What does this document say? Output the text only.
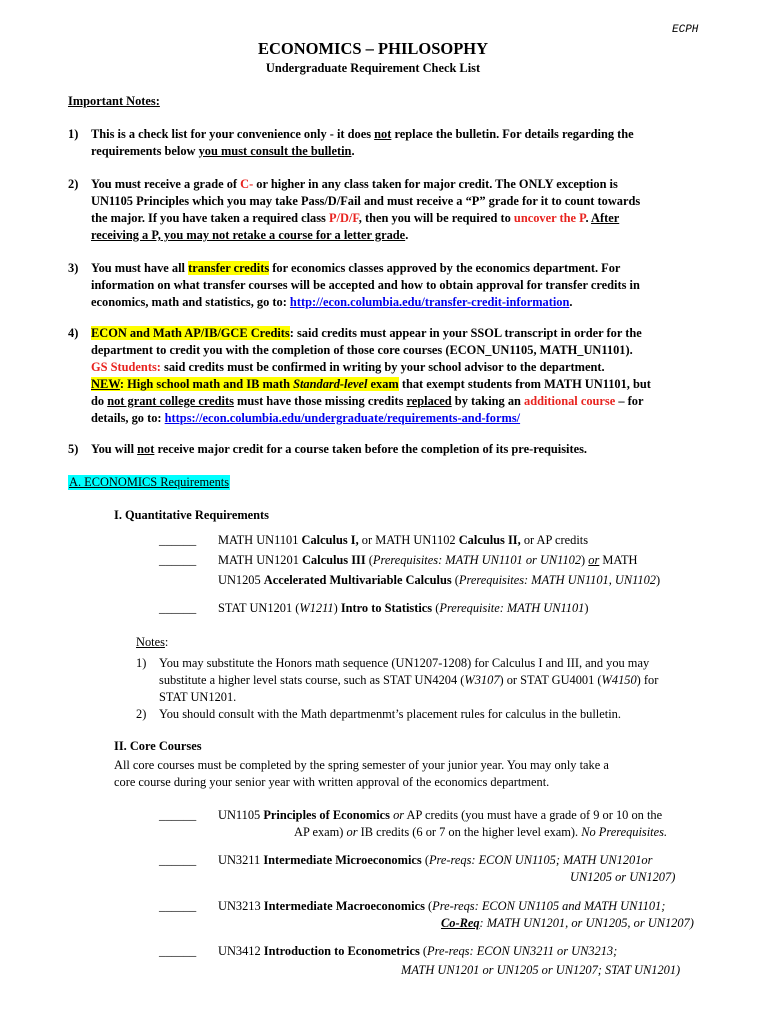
ECPH
ECONOMICS – PHILOSOPHY
Undergraduate Requirement Check List
Important Notes:
1) This is a check list for your convenience only - it does not replace the bulletin. For details regarding the
requirements below you must consult the bulletin.
2) You must receive a grade of C- or higher in any class taken for major credit. The ONLY exception is
UN1105 Principles which you may take Pass/D/Fail and must receive a “P” grade for it to count towards
the major. If you have taken a required class P/D/F, then you will be required to uncover the P. After
receiving a P, you may not retake a course for a letter grade.
3) You must have all transfer credits for economics classes approved by the economics department. For
information on what transfer courses will be accepted and how to obtain approval for transfer credits in
economics, math and statistics, go to: http://econ.columbia.edu/transfer-credit-information.
4) ECON and Math AP/IB/GCE Credits: said credits must appear in your SSOL transcript in order for the
department to credit you with the completion of those core courses (ECON_UN1105, MATH_UN1101).
GS Students: said credits must be confirmed in writing by your school advisor to the department.
NEW: High school math and IB math Standard-level exam that exempt students from MATH UN1101, but
do not grant college credits must have those missing credits replaced by taking an additional course – for
details, go to: https://econ.columbia.edu/undergraduate/requirements-and-forms/
5) You will not receive major credit for a course taken before the completion of its pre-requisites.
A. ECONOMICS Requirements
I. Quantitative Requirements
______ MATH UN1101 Calculus I, or MATH UN1102 Calculus II, or AP credits
______ MATH UN1201 Calculus III (Prerequisites: MATH UN1101 or UN1102) or MATH
UN1205 Accelerated Multivariable Calculus (Prerequisites: MATH UN1101, UN1102)
______ STAT UN1201 (W1211) Intro to Statistics (Prerequisite: MATH UN1101)
Notes:
1) You may substitute the Honors math sequence (UN1207-1208) for Calculus I and III, and you may
substitute a higher level stats course, such as STAT UN4204 (W3107) or STAT GU4001 (W4150) for
STAT UN1201.
2) You should consult with the Math departmenmt’s placement rules for calculus in the bulletin.
II. Core Courses
All core courses must be completed by the spring semester of your junior year. You may only take a
core course during your senior year with written approval of the economics department.
______ UN1105 Principles of Economics or AP credits (you must have a grade of 9 or 10 on the
AP exam) or IB credits (6 or 7 on the higher level exam). No Prerequisites.
______ UN3211 Intermediate Microeconomics (Pre-reqs: ECON UN1105; MATH UN1201or
UN1205 or UN1207)
______ UN3213 Intermediate Macroeconomics (Pre-reqs: ECON UN1105 and MATH UN1101;
Co-Req: MATH UN1201, or UN1205, or UN1207)
______ UN3412 Introduction to Econometrics (Pre-reqs: ECON UN3211 or UN3213;
MATH UN1201 or UN1205 or UN1207; STAT UN1201)
